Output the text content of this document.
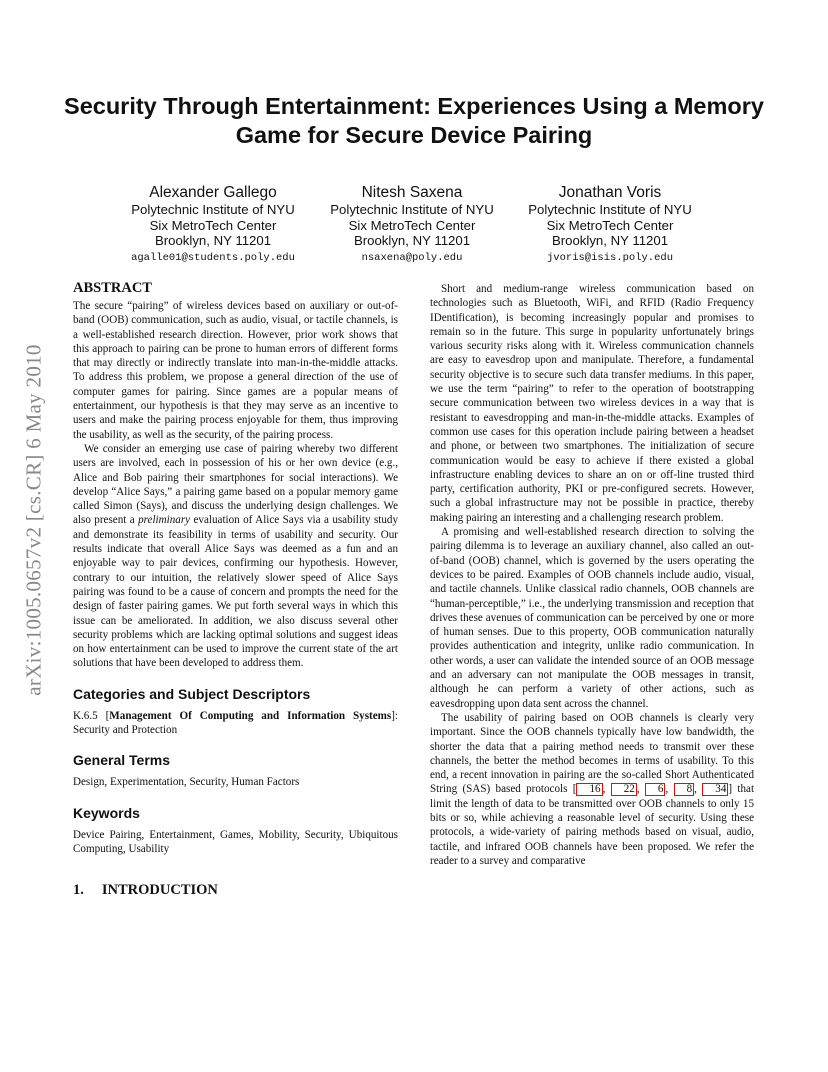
Security Through Entertainment: Experiences Using a Memory Game for Secure Device Pairing
Alexander Gallego
Polytechnic Institute of NYU
Six MetroTech Center
Brooklyn, NY 11201
agalle01@students.poly.edu
Nitesh Saxena
Polytechnic Institute of NYU
Six MetroTech Center
Brooklyn, NY 11201
nsaxena@poly.edu
Jonathan Voris
Polytechnic Institute of NYU
Six MetroTech Center
Brooklyn, NY 11201
jvoris@isis.poly.edu
arXiv:1005.0657v2 [cs.CR] 6 May 2010
ABSTRACT

The secure “pairing” of wireless devices based on auxiliary or out-of-band (OOB) communication, such as audio, visual, or tactile channels, is a well-established research direction. However, prior work shows that this approach to pairing can be prone to human errors of different forms that may directly or indirectly translate into man-in-the-middle attacks. To address this problem, we propose a general direction of the use of computer games for pairing. Since games are a popular means of entertainment, our hypothesis is that they may serve as an incentive to users and make the pairing process enjoyable for them, thus improving the usability, as well as the security, of the pairing process.

We consider an emerging use case of pairing whereby two different users are involved, each in possession of his or her own device (e.g., Alice and Bob pairing their smartphones for social interactions). We develop “Alice Says,” a pairing game based on a popular memory game called Simon (Says), and discuss the underlying design challenges. We also present a preliminary evaluation of Alice Says via a usability study and demonstrate its feasibility in terms of usability and security. Our results indicate that overall Alice Says was deemed as a fun and an enjoyable way to pair devices, confirming our hypothesis. However, contrary to our intuition, the relatively slower speed of Alice Says pairing was found to be a cause of concern and prompts the need for the design of faster pairing games. We put forth several ways in which this issue can be ameliorated. In addition, we also discuss several other security problems which are lacking optimal solutions and suggest ideas on how entertainment can be used to improve the current state of the art solutions that have been developed to address them.

Categories and Subject Descriptors

K.6.5 [Management Of Computing and Information Systems]: Security and Protection

General Terms

Design, Experimentation, Security, Human Factors

Keywords

Device Pairing, Entertainment, Games, Mobility, Security, Ubiquitous Computing, Usability

1. INTRODUCTION

Short and medium-range wireless communication based on technologies such as Bluetooth, WiFi, and RFID (Radio Frequency IDentification), is becoming increasingly popular and promises to remain so in the future. This surge in popularity unfortunately brings various security risks along with it. Wireless communication channels are easy to eavesdrop upon and manipulate. Therefore, a fundamental security objective is to secure such data transfer mediums. In this paper, we use the term “pairing” to refer to the operation of bootstrapping secure communication between two wireless devices in a way that is resistant to eavesdropping and man-in-the-middle attacks. Examples of common use cases for this operation include pairing between a headset and phone, or between two smartphones. The initialization of secure communication would be easy to achieve if there existed a global infrastructure enabling devices to share an on or off-line trusted third party, certification authority, PKI or pre-configured secrets. However, such a global infrastructure may not be possible in practice, thereby making pairing an interesting and a challenging research problem.

A promising and well-established research direction to solving the pairing dilemma is to leverage an auxiliary channel, also called an out-of-band (OOB) channel, which is governed by the users operating the devices to be paired. Examples of OOB channels include audio, visual, and tactile channels. Unlike classical radio channels, OOB channels are “human-perceptible,” i.e., the underlying transmission and reception that drives these avenues of communication can be perceived by one or more of human senses. Due to this property, OOB communication naturally provides authentication and integrity, unlike radio communication. In other words, a user can validate the intended source of an OOB message and an adversary can not manipulate the OOB messages in transit, although he can perform a variety of other actions, such as eavesdropping upon data sent across the channel.

The usability of pairing based on OOB channels is clearly very important. Since the OOB channels typically have low bandwidth, the shorter the data that a pairing method needs to transmit over these channels, the better the method becomes in terms of usability. To this end, a recent innovation in pairing are the so-called Short Authenticated String (SAS) based protocols [ 16 , 22 , 6 , 8 , 34 ] that limit the length of data to be transmitted over OOB channels to only 15 bits or so, while achieving a reasonable level of security. Using these protocols, a wide-variety of pairing methods based on visual, audio, tactile, and infrared OOB channels have been proposed. We refer the reader to a survey and comparative
